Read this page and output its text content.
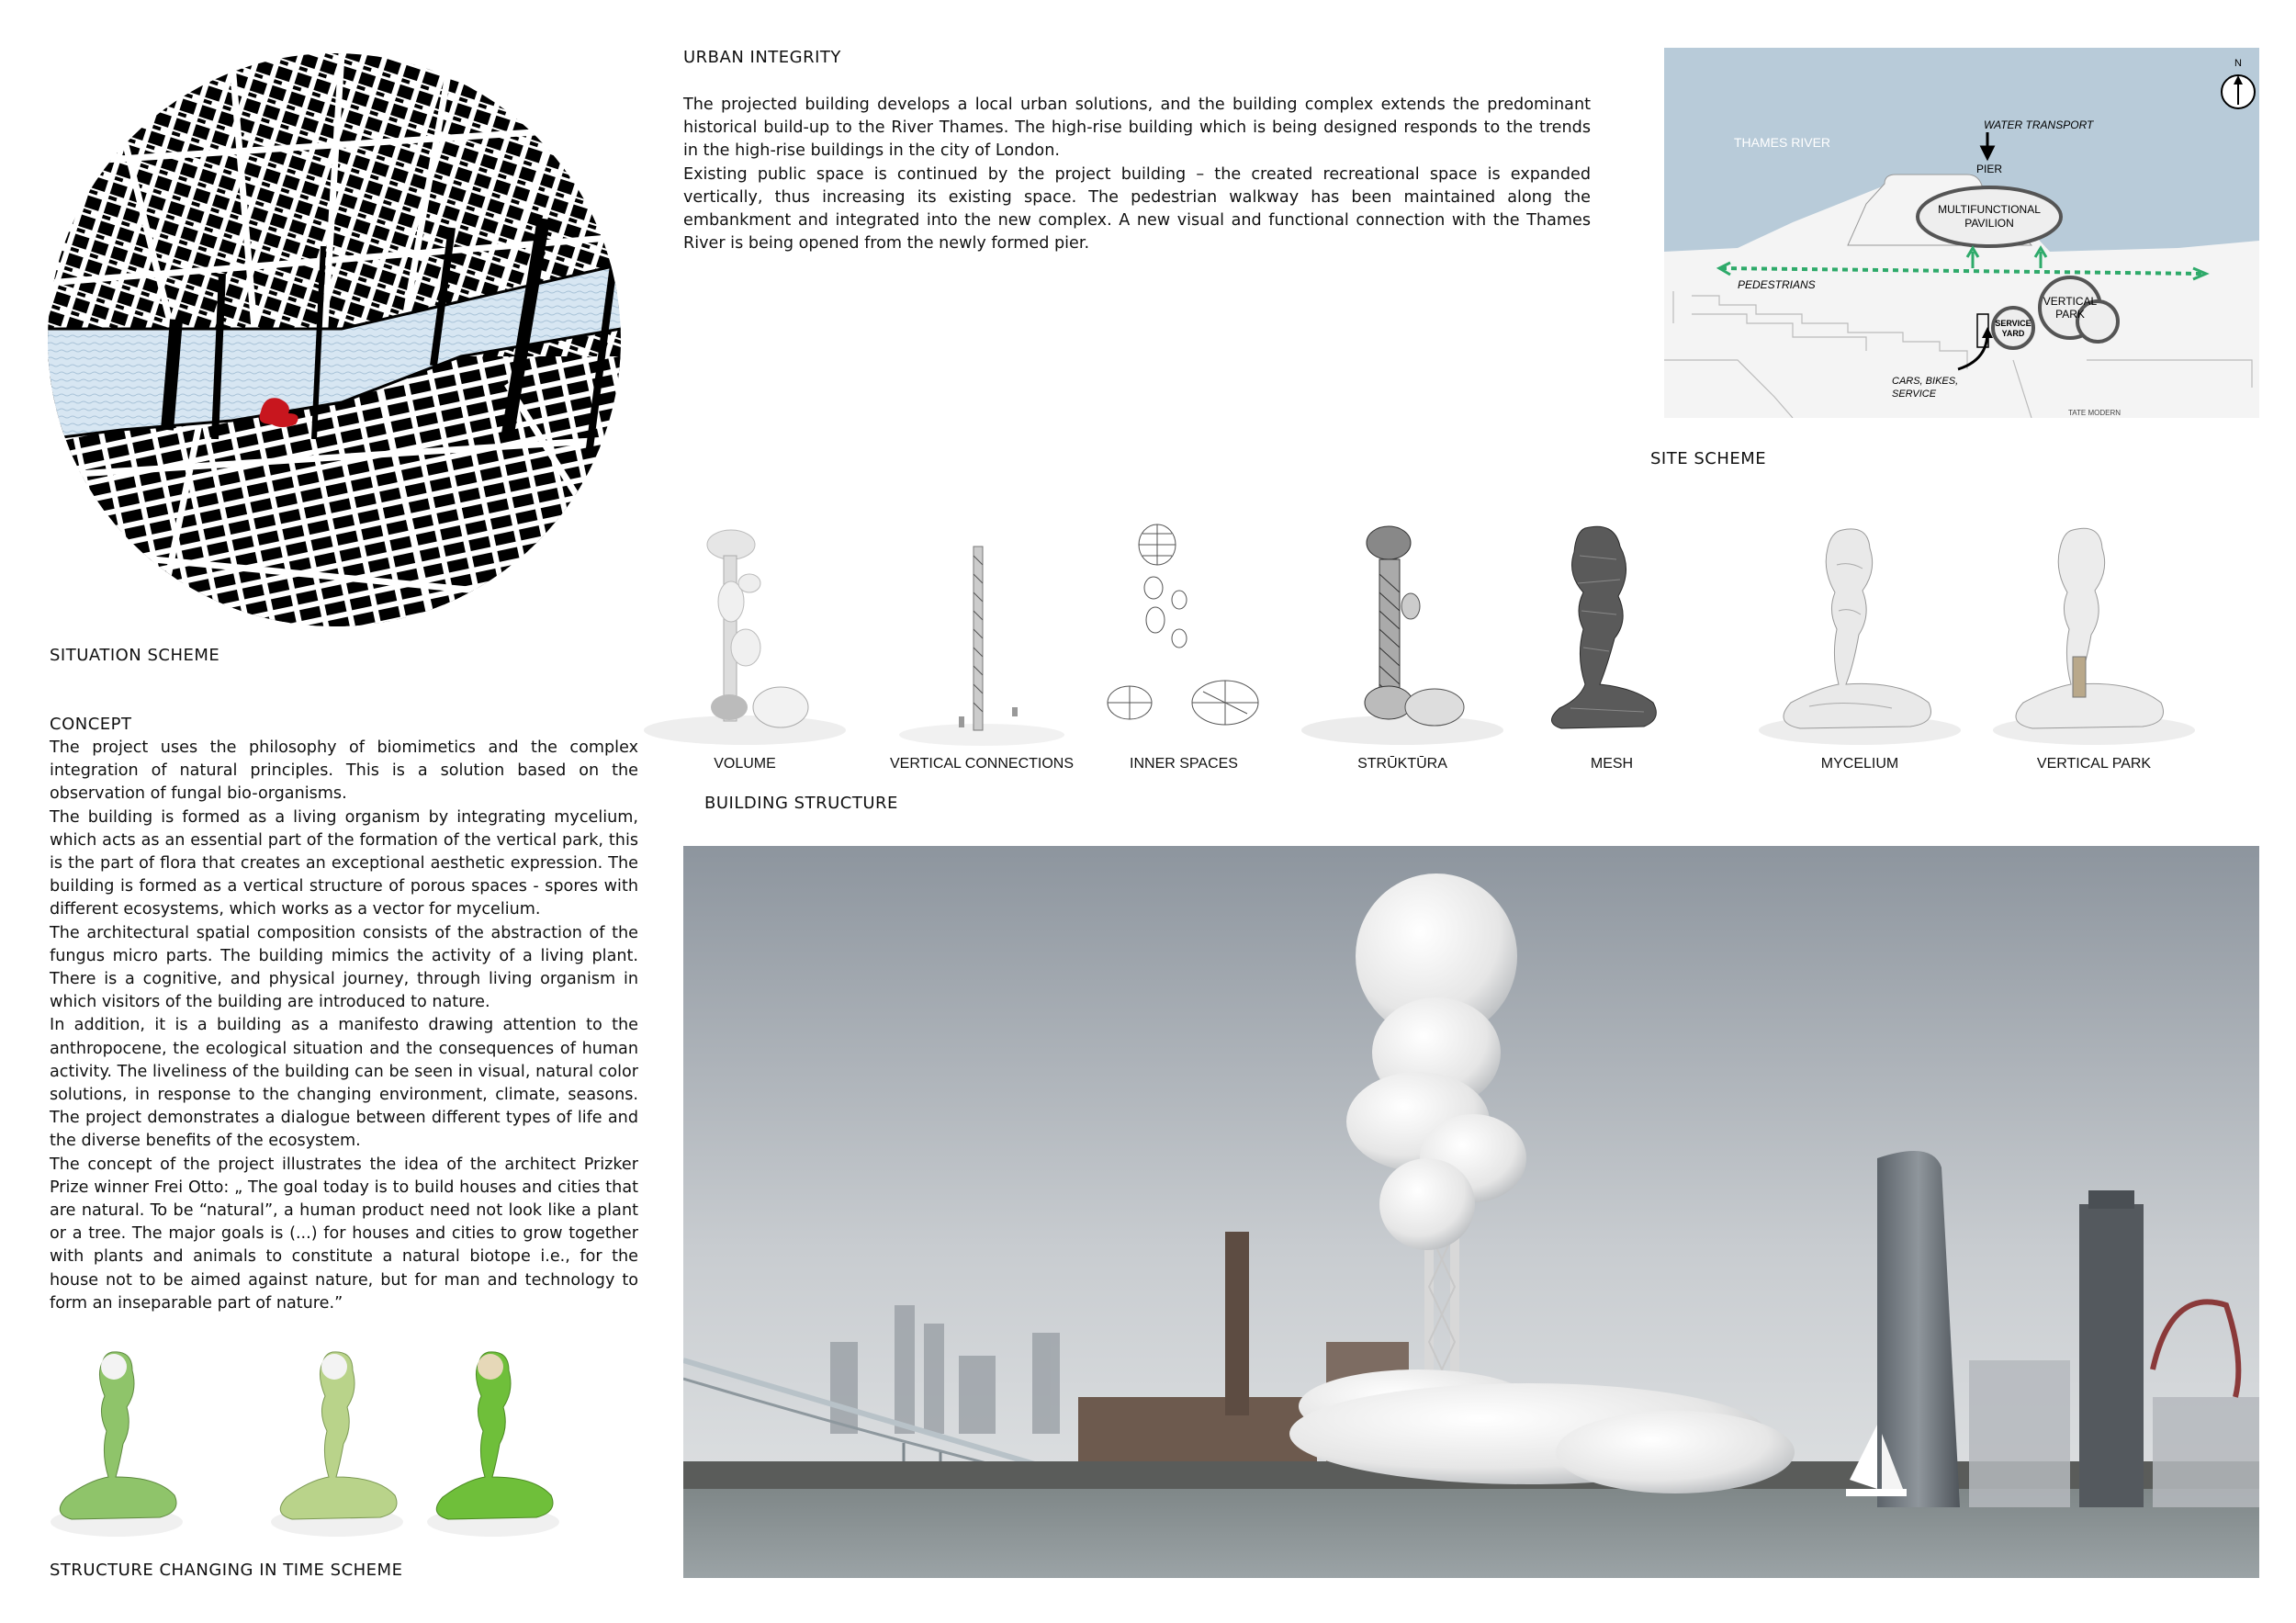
SITUATION SCHEME
URBAN INTEGRITY

The projected building develops a local urban solutions, and the building complex extends the predominant historical build-up to the River Thames. The high-rise building which is being designed responds to the trends in the high-rise buildings in the city of London.

Existing public space is continued by the project building – the created recreational space is expanded vertically, thus increasing its existing space. The pedestrian walkway has been maintained along the embankment and integrated into the new complex. A new visual and functional connection with the Thames River is being opened from the newly formed pier.

N
THAMES RIVER
WATER TRANSPORT
PIER
MULTIFUNCTIONAL
PAVILION
PEDESTRIANS
VERTICAL
PARK
SERVICE
YARD
CARS, BIKES,
SERVICE
TATE MODERN
SITE SCHEME
VOLUME	VERTICAL CONNECTIONS	INNER SPACES	STRŪKTŪRA	MESH	MYCELIUM	VERTICAL PARK
BUILDING STRUCTURE
CONCEPT

The project uses the philosophy of biomimetics and the complex integration of natural principles. This is a solution based on the observation of fungal bio-organisms.

The building is formed as a living organism by integrating mycelium, which acts as an essential part of the formation of the vertical park, this is the part of flora that creates an exceptional aesthetic expression. The building is formed as a vertical structure of porous spaces - spores with different ecosystems, which works as a vector for mycelium.

The architectural spatial composition consists of the abstraction of the fungus micro parts. The building mimics the activity of a living plant. There is a cognitive, and physical journey, through living organism in which visitors of the building are introduced to nature.

In addition, it is a building as a manifesto drawing attention to the anthropocene, the ecological situation and the consequences of human activity. The liveliness of the building can be seen in visual, natural color solutions, in response to the changing environment, climate, seasons. The project demonstrates a dialogue between different types of life and the diverse benefits of the ecosystem.

The concept of the project illustrates the idea of the architect Prizker Prize winner Frei Otto: „ The goal today is to build houses and cities that are natural. To be “natural”, a human product need not look like a plant or a tree. The major goals is (...) for houses and cities to grow together with plants and animals to constitute a natural biotope i.e., for the house not to be aimed against nature, but for man and technology to form an inseparable part of nature.”

STRUCTURE CHANGING IN TIME SCHEME
